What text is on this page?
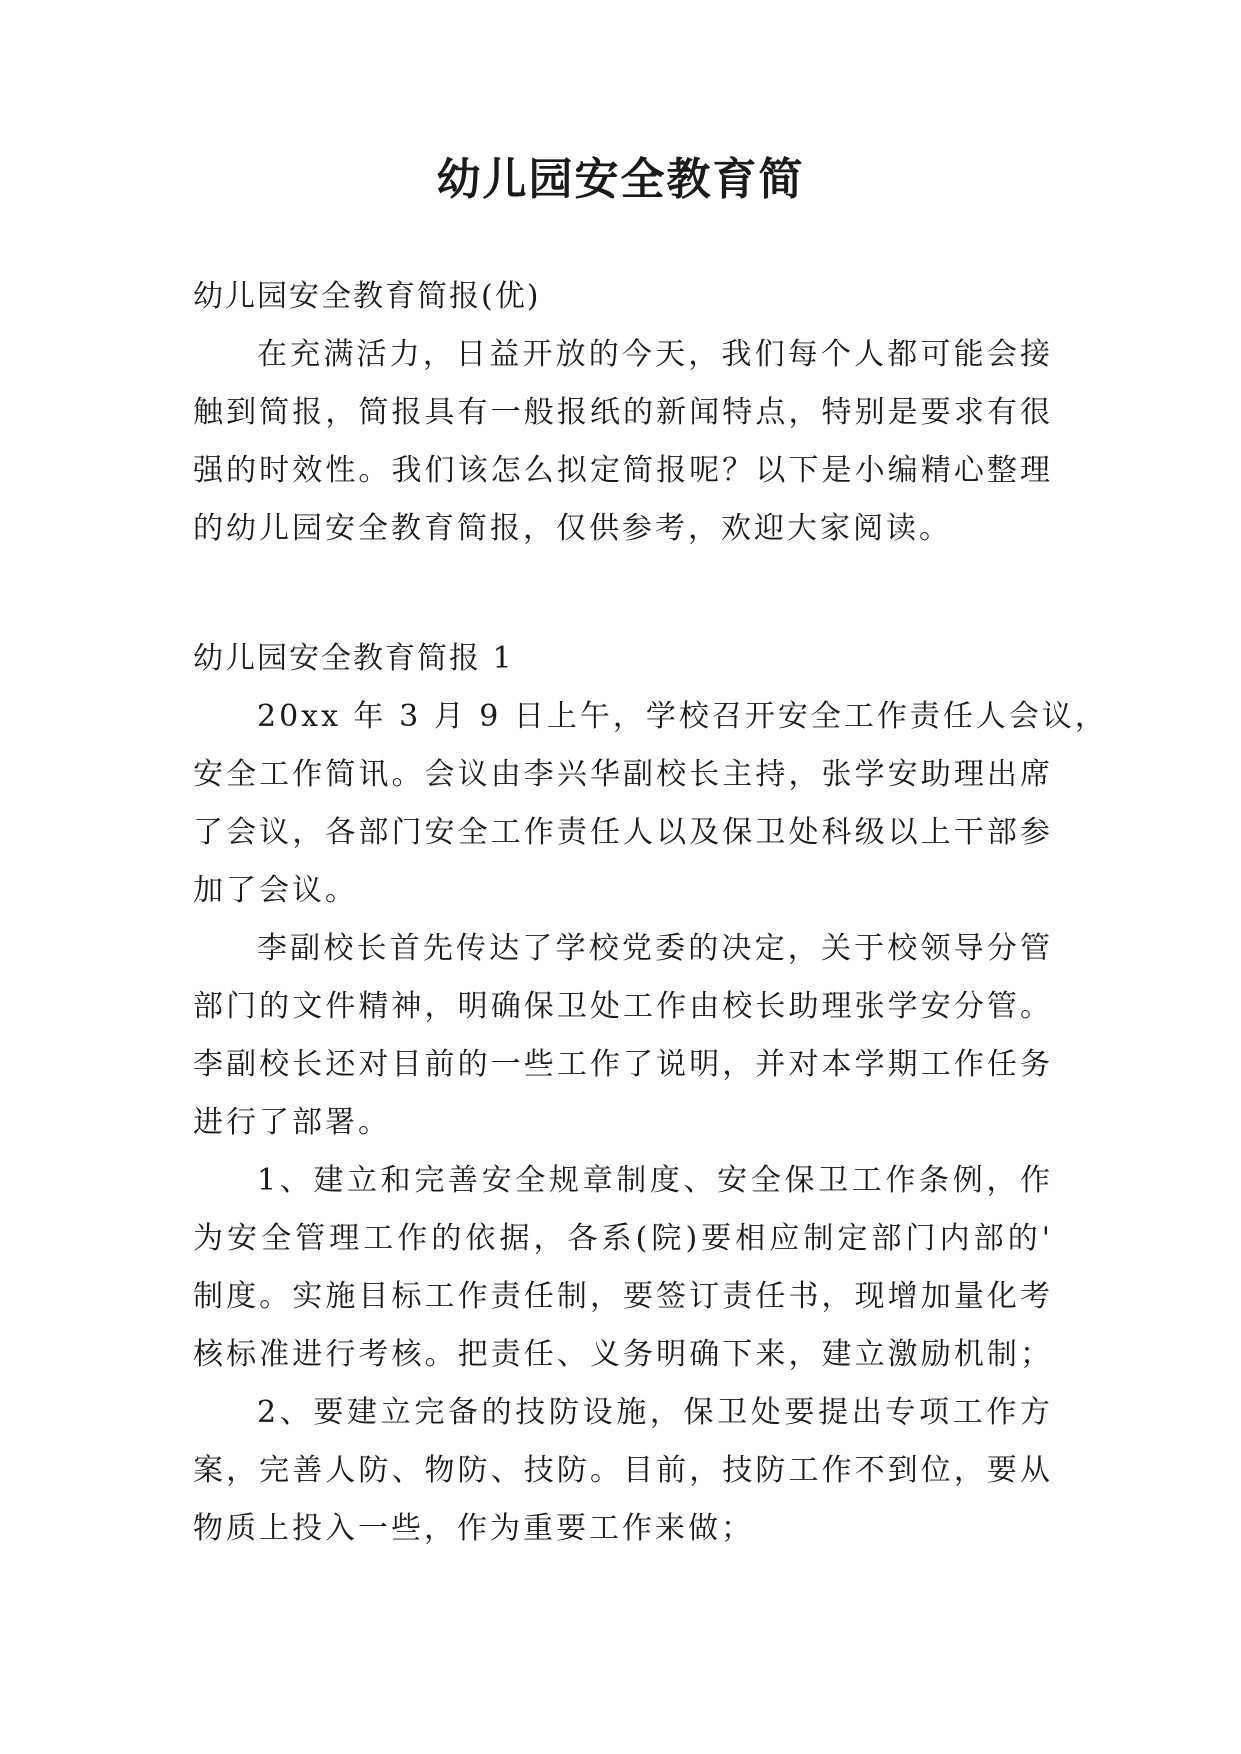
幼儿园安全教育简
幼儿园安全教育简报(优)
在充满活力，日益开放的今天，我们每个人都可能会接
触到简报，简报具有一般报纸的新闻特点，特别是要求有很
强的时效性。我们该怎么拟定简报呢？以下是小编精心整理
的幼儿园安全教育简报，仅供参考，欢迎大家阅读。
幼儿园安全教育简报 1
20xx 年 3 月 9 日上午，学校召开安全工作责任人会议，
安全工作简讯。会议由李兴华副校长主持，张学安助理出席
了会议，各部门安全工作责任人以及保卫处科级以上干部参
加了会议。
李副校长首先传达了学校党委的决定，关于校领导分管
部门的文件精神，明确保卫处工作由校长助理张学安分管。
李副校长还对目前的一些工作了说明，并对本学期工作任务
进行了部署。
1、建立和完善安全规章制度、安全保卫工作条例，作
为安全管理工作的依据，各系(院)要相应制定部门内部的'
制度。实施目标工作责任制，要签订责任书，现增加量化考
核标准进行考核。把责任、义务明确下来，建立激励机制；
2、要建立完备的技防设施，保卫处要提出专项工作方
案，完善人防、物防、技防。目前，技防工作不到位，要从
物质上投入一些，作为重要工作来做；
